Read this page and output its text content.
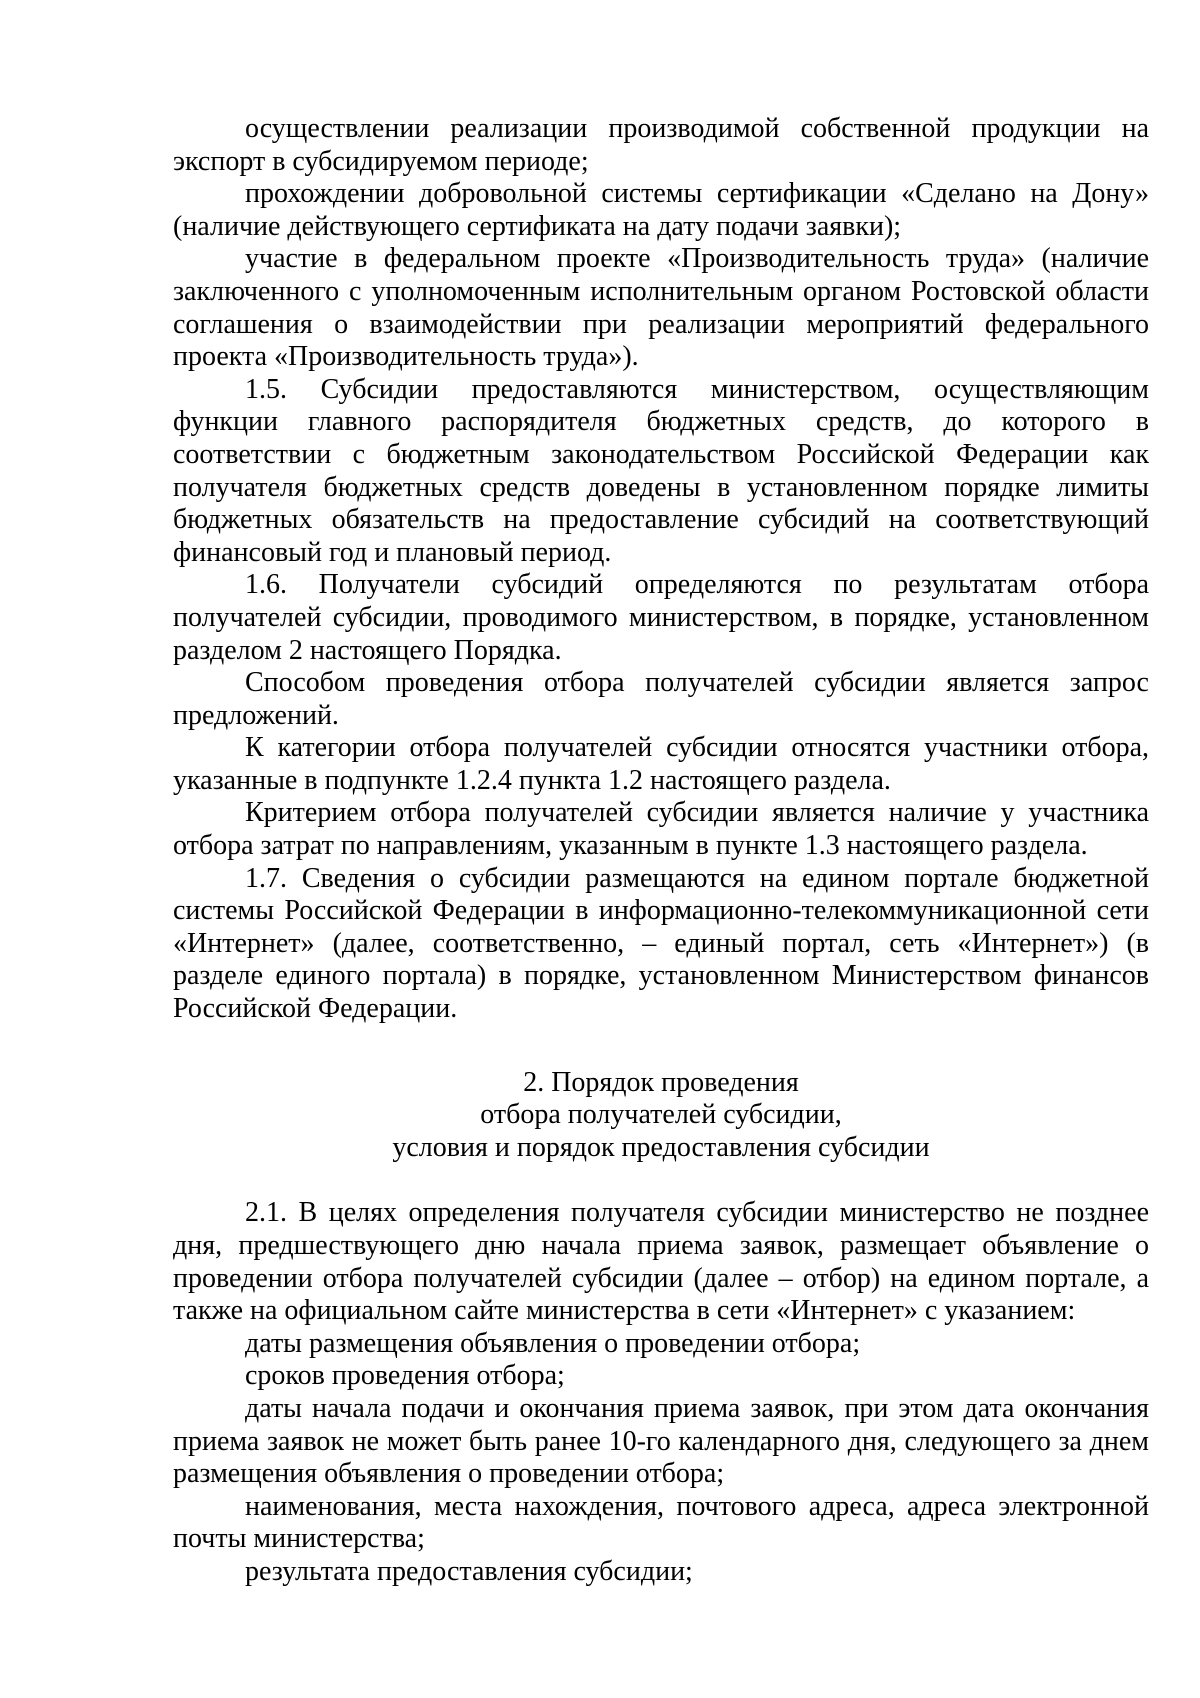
осуществлении реализации производимой собственной продукции на экспорт в субсидируемом периоде;

прохождении добровольной системы сертификации «Сделано на Дону» (наличие действующего сертификата на дату подачи заявки);

участие в федеральном проекте «Производительность труда» (наличие заключенного с уполномоченным исполнительным органом Ростовской области соглашения о взаимодействии при реализации мероприятий федерального проекта «Производительность труда»).

1.5. Субсидии предоставляются министерством, осуществляющим функции главного распорядителя бюджетных средств, до которого в соответствии с бюджетным законодательством Российской Федерации как получателя бюджетных средств доведены в установленном порядке лимиты бюджетных обязательств на предоставление субсидий на соответствующий финансовый год и плановый период.

1.6. Получатели субсидий определяются по результатам отбора получателей субсидии, проводимого министерством, в порядке, установленном разделом 2 настоящего Порядка.

Способом проведения отбора получателей субсидии является запрос предложений.

К категории отбора получателей субсидии относятся участники отбора, указанные в подпункте 1.2.4 пункта 1.2 настоящего раздела.

Критерием отбора получателей субсидии является наличие у участника отбора затрат по направлениям, указанным в пункте 1.3 настоящего раздела.

1.7. Сведения о субсидии размещаются на едином портале бюджетной системы Российской Федерации в информационно-телекоммуникационной сети «Интернет» (далее, соответственно, – единый портал, сеть «Интернет») (в разделе единого портала) в порядке, установленном Министерством финансов Российской Федерации.

2. Порядок проведения
отбора получателей субсидии,
условия и порядок предоставления субсидии

2.1. В целях определения получателя субсидии министерство не позднее дня, предшествующего дню начала приема заявок, размещает объявление о проведении отбора получателей субсидии (далее – отбор) на едином портале, а также на официальном сайте министерства в сети «Интернет» с указанием:

даты размещения объявления о проведении отбора;

сроков проведения отбора;

даты начала подачи и окончания приема заявок, при этом дата окончания приема заявок не может быть ранее 10-го календарного дня, следующего за днем размещения объявления о проведении отбора;

наименования, места нахождения, почтового адреса, адреса электронной почты министерства;

результата предоставления субсидии;
